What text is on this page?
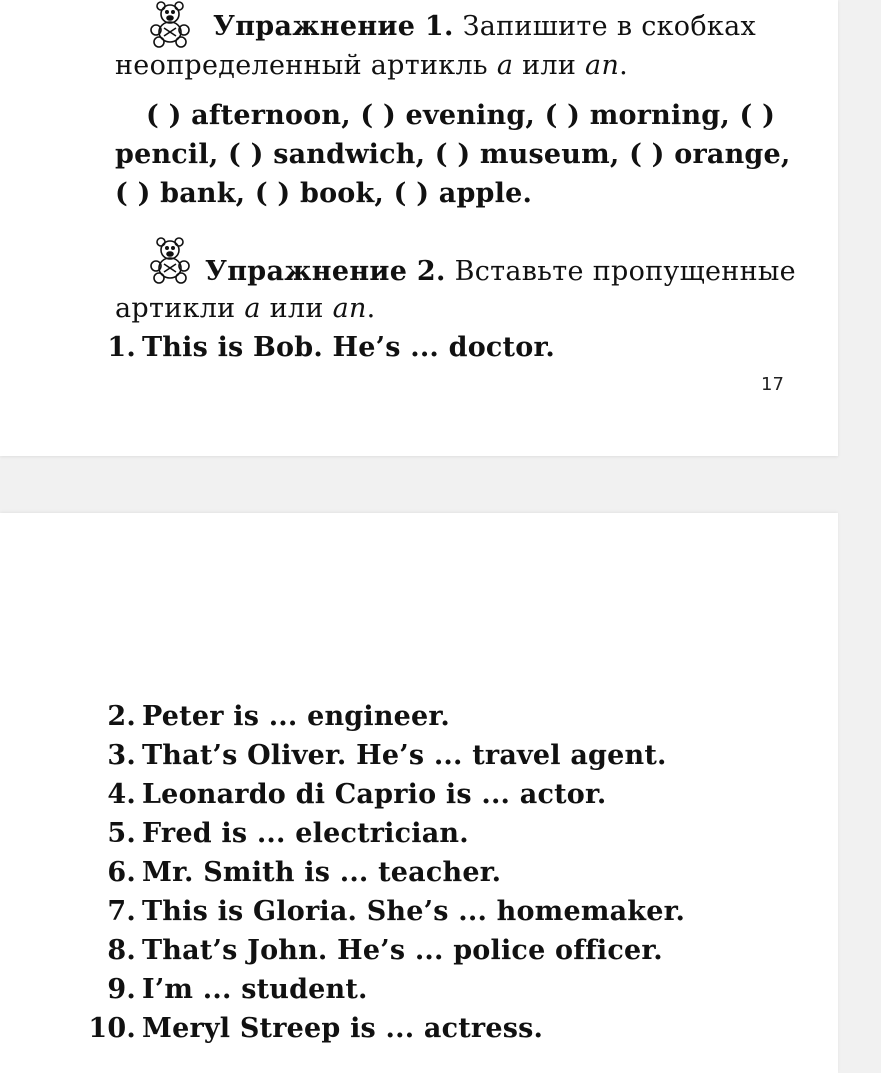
Упражнение 1. Запишите в скобках
неопределенный артикль a или an.
( ) afternoon, ( ) evening, ( ) morning, ( )
pencil, ( ) sandwich, ( ) museum, ( ) orange,
( ) bank, ( ) book, ( ) apple.
Упражнение 2. Вставьте пропущенные
артикли a или an.
1. This is Bob. He’s ... doctor.
17
2. Peter is ... engineer.
3. That’s Oliver. He’s ... travel agent.
4. Leonardo di Caprio is ... actor.
5. Fred is ... electrician.
6. Mr. Smith is ... teacher.
7. This is Gloria. She’s ... homemaker.
8. That’s John. He’s ... police officer.
9. I’m ... student.
10. Meryl Streep is ... actress.
